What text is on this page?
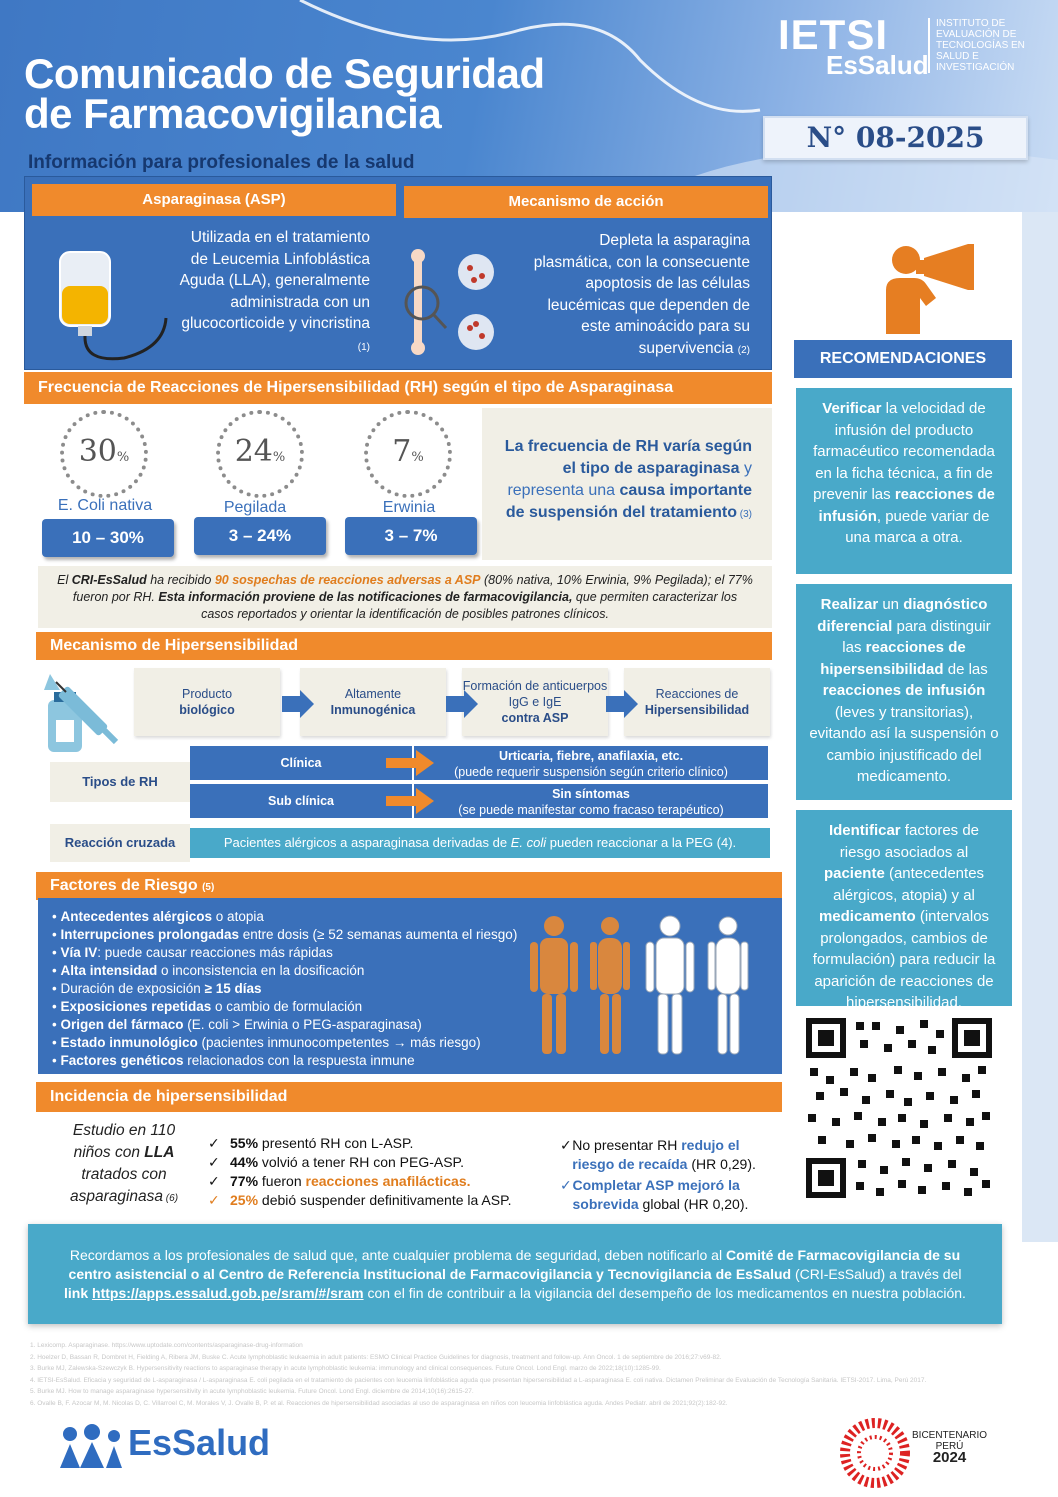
Comunicado de Seguridad
de Farmacovigilancia
Información para profesionales de la salud
IETSI
EsSalud
INSTITUTO DE EVALUACIÓN DE TECNOLOGÍAS EN SALUD E INVESTIGACIÓN
N° 08-2025
Asparaginasa (ASP)	Mecanismo de acción
Utilizada en el tratamiento de Leucemia Linfoblástica Aguda (LLA), generalmente administrada con un glucocorticoide y vincristina (1)
Depleta la asparagina plasmática, con la consecuente apoptosis de las células leucémicas que dependen de este aminoácido para su supervivencia (2)
Frecuencia de Reacciones de Hipersensibilidad (RH) según el tipo de Asparaginasa
30%	24%	7%
E. Coli nativa	Pegilada	Erwinia
10 – 30%	3 – 24%	3 – 7%
La frecuencia de RH varía según el tipo de asparaginasa y representa una causa importante de suspensión del tratamiento (3)
El CRI-EsSalud ha recibido 90 sospechas de reacciones adversas a ASP (80% nativa, 10% Erwinia, 9% Pegilada); el 77% fueron por RH. Esta información proviene de las notificaciones de farmacovigilancia, que permiten caracterizar los casos reportados y orientar la identificación de posibles patrones clínicos.
Mecanismo de Hipersensibilidad
Producto
biológico
Altamente
Inmunogénica
Formación de anticuerpos IgG e IgE
contra ASP
Reacciones de
Hipersensibilidad
Tipos de RH
Clínica	Urticaria, fiebre, anafilaxia, etc.
(puede requerir suspensión según criterio clínico)
Sub clínica	Sin síntomas
(se puede manifestar como fracaso terapéutico)
Reacción cruzada	Pacientes alérgicos a asparaginasa derivadas de E. coli pueden reaccionar a la PEG (4).
Factores de Riesgo (5)
• Antecedentes alérgicos o atopia
• Interrupciones prolongadas entre dosis (≥ 52 semanas aumenta el riesgo)
• Vía IV: puede causar reacciones más rápidas
• Alta intensidad o inconsistencia en la dosificación
• Duración de exposición ≥ 15 días
• Exposiciones repetidas o cambio de formulación
• Origen del fármaco (E. coli > Erwinia o PEG-asparaginasa)
• Estado inmunológico (pacientes inmunocompetentes → más riesgo)
• Factores genéticos relacionados con la respuesta inmune
Incidencia de hipersensibilidad
Estudio en 110 niños con LLA tratados con asparaginasa (6)
✓ 55% presentó RH con L-ASP.
✓ 44% volvió a tener RH con PEG-ASP.
✓ 77% fueron reacciones anafilácticas.
✓ 25% debió suspender definitivamente la ASP.
✓ No presentar RH redujo el riesgo de recaída (HR 0,29).
✓ Completar ASP mejoró la sobrevida global (HR 0,20).
RECOMENDACIONES
Verificar la velocidad de infusión del producto farmacéutico recomendada en la ficha técnica, a fin de prevenir las reacciones de infusión, puede variar de una marca a otra.
Realizar un diagnóstico diferencial para distinguir las reacciones de hipersensibilidad de las reacciones de infusión (leves y transitorias), evitando así la suspensión o cambio injustificado del medicamento.
Identificar factores de riesgo asociados al paciente (antecedentes alérgicos, atopia) y al medicamento (intervalos prolongados, cambios de formulación) para reducir la aparición de reacciones de hipersensibilidad.
Recordamos a los profesionales de salud que, ante cualquier problema de seguridad, deben notificarlo al Comité de Farmacovigilancia de su centro asistencial o al Centro de Referencia Institucional de Farmacovigilancia y Tecnovigilancia de EsSalud (CRI-EsSalud) a través del link https://apps.essalud.gob.pe/sram/#/sram con el fin de contribuir a la vigilancia del desempeño de los medicamentos en nuestra población.
1. Lexicomp. Asparaginase. https://www.uptodate.com/contents/asparaginase-drug-information
2. Hoelzer D, Bassan R, Dombret H, Fielding A, Ribera JM, Buske C. Acute lymphoblastic leukaemia in adult patients: ESMO Clinical Practice Guidelines for diagnosis, treatment and follow-up. Ann Oncol. 1 de septiembre de 2016;27:v69-82.
3. Burke MJ, Zalewska-Szewczyk B. Hypersensitivity reactions to asparaginase therapy in acute lymphoblastic leukemia: immunology and clinical consequences. Future Oncol. Lond Engl. marzo de 2022;18(10):1285-99.
4. IETSI-EsSalud. Eficacia y seguridad de L-asparaginasa / L-asparaginasa E. coli pegilada en el tratamiento de pacientes con leucemia linfoblástica aguda que presentan hipersensibilidad a L-asparaginasa E. coli nativa. Dictamen Preliminar de Evaluación de Tecnología Sanitaria. IETSI-2017. Lima, Perú 2017.
5. Burke MJ. How to manage asparaginase hypersensitivity in acute lymphoblastic leukemia. Future Oncol. Lond Engl. diciembre de 2014;10(16):2615-27.
6. Ovalle B, F. Azocar M, M. Nicolas D, C. Villarroel C, M. Morales V, J. Ovalle B, P. et al. Reacciones de hipersensibilidad asociadas al uso de asparaginasa en niños con leucemia linfoblástica aguda. Andes Pediatr. abril de 2021;92(2):182-92.
EsSalud	BICENTENARIO
PERÚ
2024
